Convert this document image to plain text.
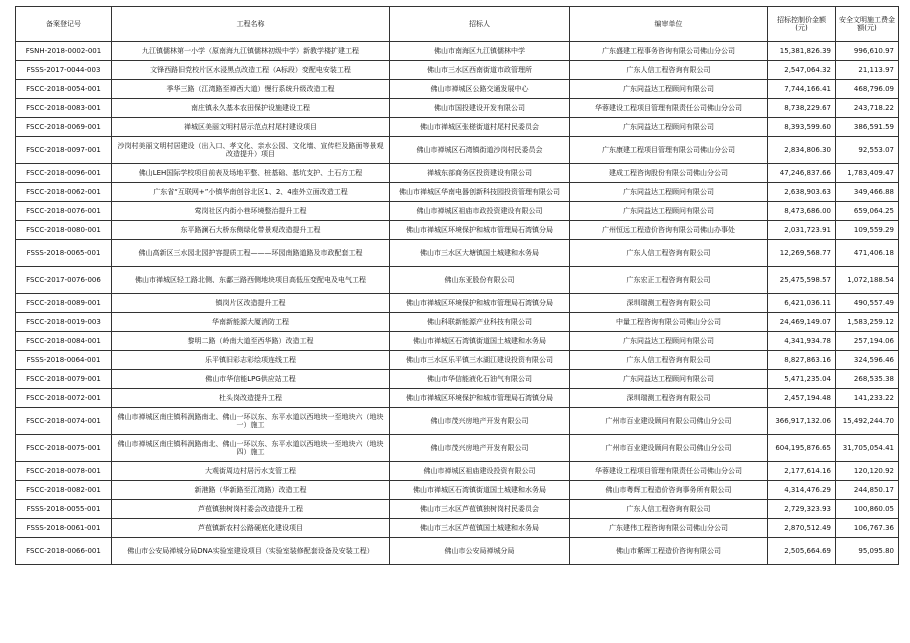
备案登记号	工程名称	招标人	编审单位	招标控制价金额(元)	安全文明施工费金额(元)
FSNH-2018-0002-001	九江镇儒林第一小学（原南海九江镇儒林初级中学）新教学楼扩建工程	佛山市南海区九江镇儒林中学	广东盛建工程事务咨询有限公司佛山分公司	15,381,826.39	996,610.97
FSSS-2017-0044-003	文锋西路旧党校片区水浸黑点改造工程（A标段）变配电安装工程	佛山市三水区西南街道市政管理所	广东人信工程咨询有限公司	2,547,064.32	21,113.97
FSCC-2018-0054-001	季华三路（江湾路至禅西大道）慢行系统升级改造工程	佛山市禅城区公路交通发展中心	广东同益达工程顾问有限公司	7,744,166.41	468,796.09
FSCC-2018-0083-001	南庄镇永久基本农田保护设施建设工程	佛山市国投建设开发有限公司	华蓉建设工程项目管理有限责任公司佛山分公司	8,738,229.67	243,718.22
FSCC-2018-0069-001	禅城区美丽文明村居示范点村尾村建设项目	佛山市禅城区张槎街道村尾村民委员会	广东同益达工程顾问有限公司	8,393,599.60	386,591.59
FSCC-2018-0097-001	沙岗村美丽文明村居建设（出入口、孝文化、亲水公园、文化墙、宣传栏及路面等景观改造提升）项目	佛山市禅城区石湾镇街道沙岗村民委员会	广东康建工程项目管理有限公司佛山分公司	2,834,806.30	92,553.07
FSCC-2018-0096-001	佛山LEH国际学校项目前表及场地平整、桩基础、基坑支护、土石方工程	禅城东部商务区投资建设有限公司	建成工程咨询股份有限公司佛山分公司	47,246,837.66	1,783,409.47
FSCC-2018-0062-001	广东省“互联网+”小镇华南创谷北区1、2、4座外立面改造工程	佛山市禅城区华南电器创新科技园投资管理有限公司	广东同益达工程顾问有限公司	2,638,903.63	349,466.88
FSCC-2018-0076-001	莺岗社区内街小巷环境整治提升工程	佛山市禅城区祖庙市政投资建设有限公司	广东同益达工程顾问有限公司	8,473,686.00	659,064.25
FSCC-2018-0080-001	东平路澜石大桥东侧绿化带景观改造提升工程	佛山市禅城区环境保护和城市管理局石湾镇分局	广州恒远工程造价咨询有限公司佛山办事处	2,031,723.91	109,559.29
FSSS-2018-0065-001	佛山高新区三水园北园护容提质工程———环园南路道路及市政配套工程	佛山市三水区大塘镇国土城建和水务局	广东人信工程咨询有限公司	12,269,568.77	471,406.18
FSCC-2017-0076-006	佛山市禅城区轻工路北侧、东鄱三路西侧地块项目高低压变配电及电气工程	佛山东亚股份有限公司	广东宏正工程咨询有限公司	25,475,598.57	1,072,188.54
FSCC-2018-0089-001	镇岗片区改造提升工程	佛山市禅城区环境保护和城市管理局石湾镇分局	深圳瑞测工程咨询有限公司	6,421,036.11	490,557.49
FSCC-2018-0019-003	华南新能源大厦消防工程	佛山科联新能源产业科技有限公司	中量工程咨询有限公司佛山分公司	24,469,149.07	1,583,259.12
FSCC-2018-0084-001	黎明二路（岭南大道至西华路）改造工程	佛山市禅城区石湾镇街道国土城建和水务局	广东同益达工程顾问有限公司	4,341,934.78	257,194.06
FSSS-2018-0064-001	乐平镇旧彩志彩绘项连线工程	佛山市三水区乐平镇三水湖江建设投资有限公司	广东人信工程咨询有限公司	8,827,863.16	324,596.46
FSCC-2018-0079-001	佛山市华信能LPG供应站工程	佛山市华信能液化石油气有限公司	广东同益达工程顾问有限公司	5,471,235.04	268,535.38
FSCC-2018-0072-001	杜头岗改造提升工程	佛山市禅城区环境保护和城市管理局石湾镇分局	深圳瑞测工程咨询有限公司	2,457,194.48	141,233.22
FSCC-2018-0074-001	佛山市禅城区南庄镇科润路南北、佛山一环以东、东平水道以西地块一至地块六（地块一）施工	佛山市茂兴房地产开发有限公司	广州市百业建设顾问有限公司佛山分公司	366,917,132.06	15,492,244.70
FSCC-2018-0075-001	佛山市禅城区南庄镇科润路南北、佛山一环以东、东平水道以西地块一至地块六（地块四）施工	佛山市茂兴房地产开发有限公司	广州市百业建设顾问有限公司佛山分公司	604,195,876.65	31,705,054.41
FSCC-2018-0078-001	大观街周边村居污水支管工程	佛山市禅城区祖庙建设投资有限公司	华蓉建设工程项目管理有限责任公司佛山分公司	2,177,614.16	120,120.92
FSCC-2018-0082-001	新港路（华新路至江湾路）改造工程	佛山市禅城区石湾镇街道国土城建和水务局	佛山市粤辉工程造价咨询事务所有限公司	4,314,476.29	244,850.17
FSSS-2018-0055-001	芦苞镇独树岗村委会改造提升工程	佛山市三水区芦苞镇独树岗村民委员会	广东人信工程咨询有限公司	2,729,323.93	100,860.05
FSSS-2018-0061-001	芦苞镇新农村公路硬底化建设项目	佛山市三水区芦苞镇国土城建和水务局	广东建伟工程咨询有限公司佛山分公司	2,870,512.49	106,767.36
FSCC-2018-0066-001	佛山市公安局禅城分局DNA实验室建设项目（实验室装修配套设备及安装工程）	佛山市公安局禅城分局	佛山市紫晖工程造价咨询有限公司	2,505,664.69	95,095.80
